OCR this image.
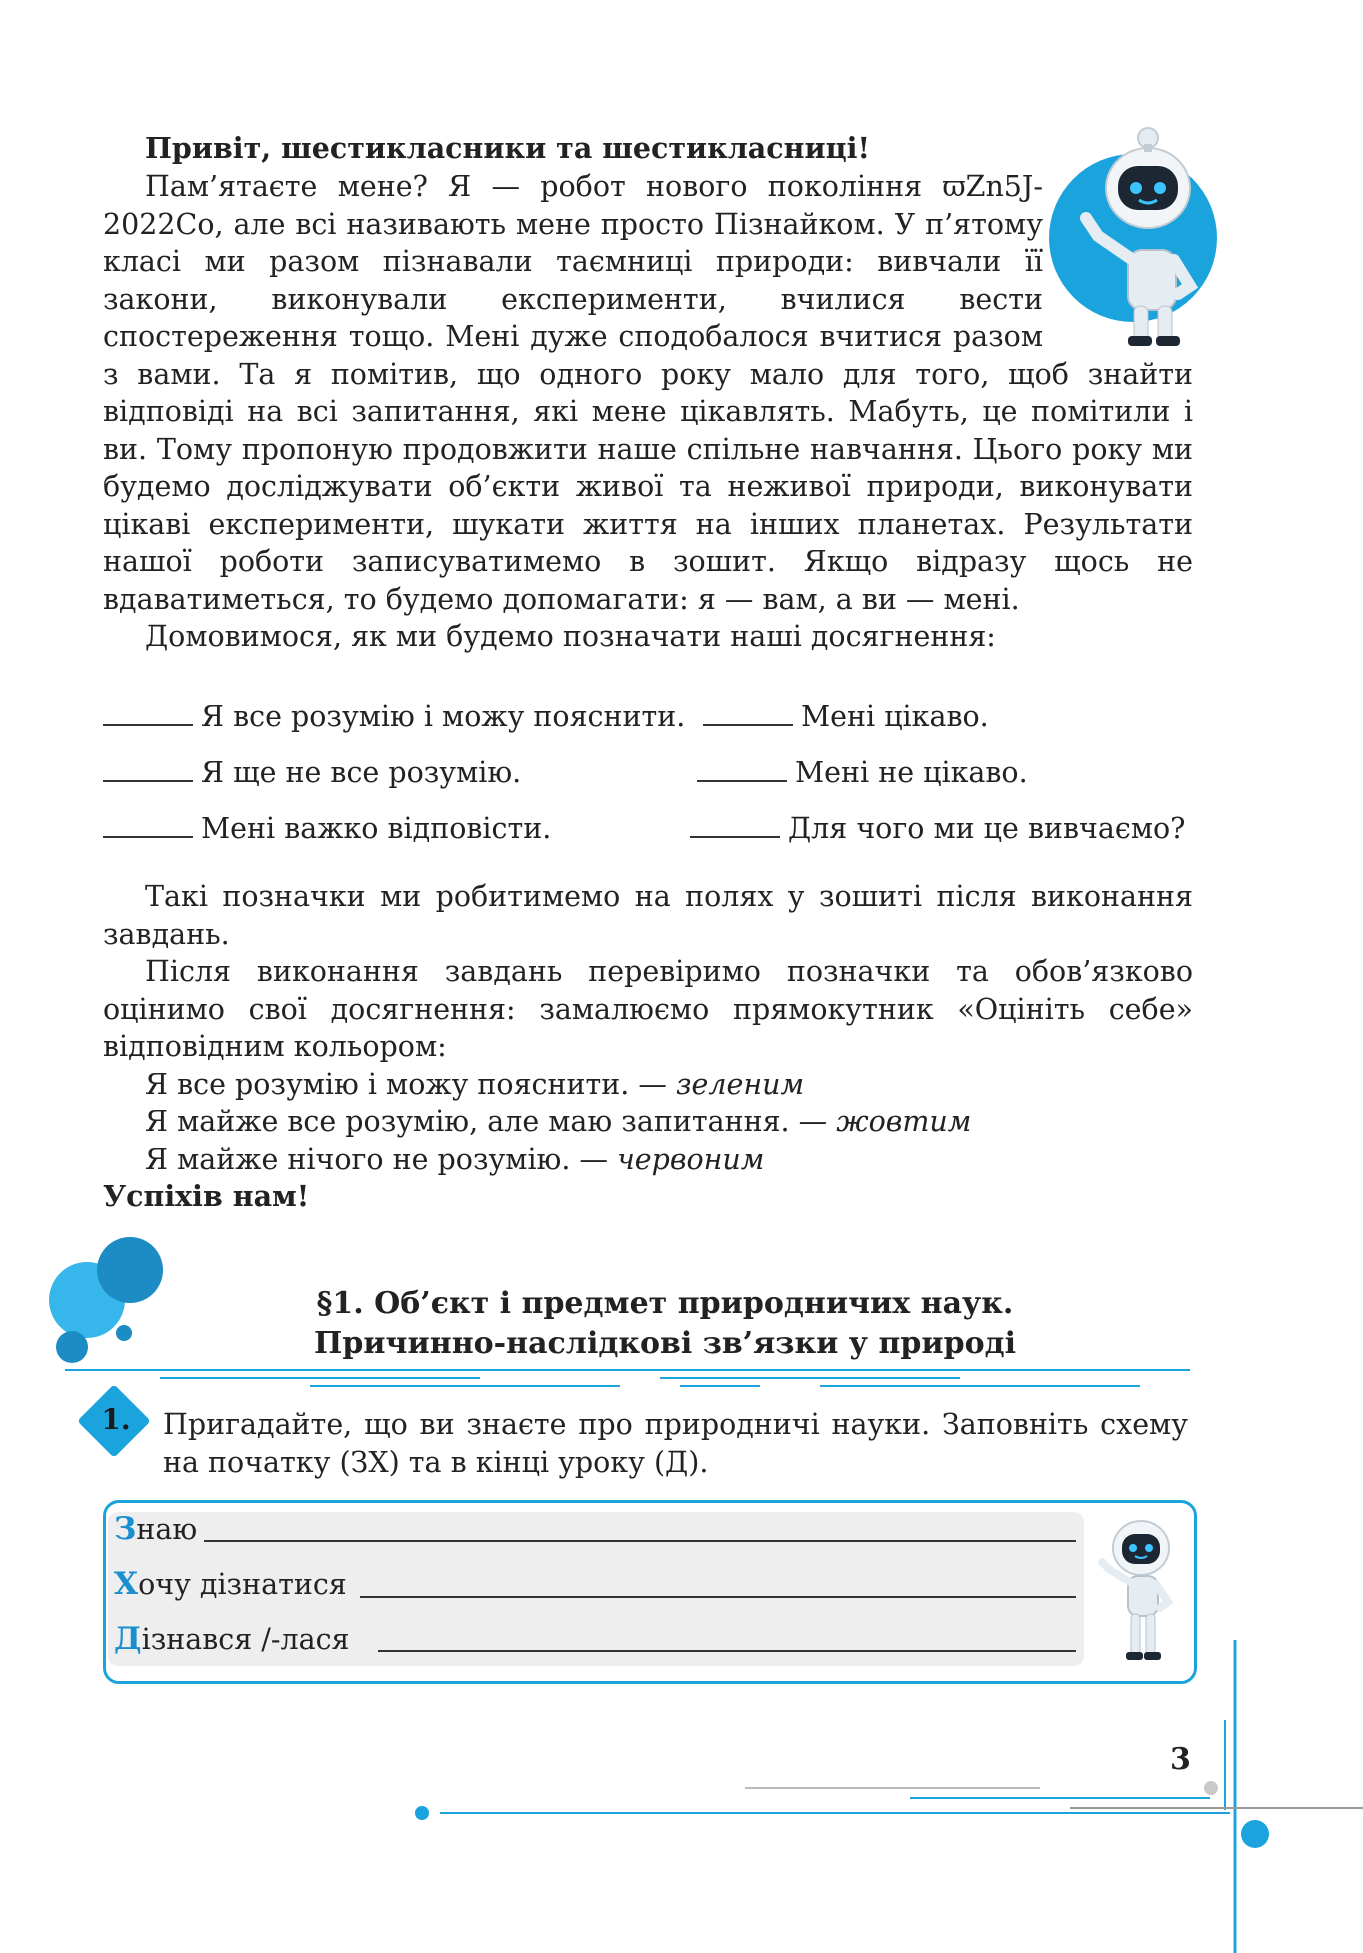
Привіт, шестикласники та шестикласниці!

Пам’ятаєте мене? Я — робот нового покоління ϖZn5J-2022Co, але всі називають мене просто Пізнайком. У п’ятому класі ми разом пізнавали таємниці природи: вивчали її закони, виконували експерименти, вчилися вести спостереження тощо. Мені дуже сподобалося вчитися разом з вами. Та я помітив, що одного року мало для того, щоб знайти відповіді на всі запитання, які мене цікавлять. Мабуть, це помітили і ви. Тому пропоную продовжити наше спільне навчання. Цього року ми будемо досліджувати об’єкти живої та неживої природи, виконувати цікаві експерименти, шукати життя на інших планетах. Результати нашої роботи записуватимемо в зошит. Якщо відразу щось не вдаватиметься, то будемо допомагати: я — вам, а ви — мені.

Домовимося, як ми будемо позначати наші досягнення:

Я все розумію і можу пояснити.	Мені цікаво.
Я ще не все розумію.	Мені не цікаво.
Мені важко відповісти.	Для чого ми це вивчаємо?

Такі позначки ми робитимемо на полях у зошиті після виконання завдань.

Після виконання завдань перевіримо позначки та обов’язково оцінимо свої досягнення: замалюємо прямокутник «Оцініть себе» відповідним кольором:

Я все розумію і можу пояснити. — зеленим

Я майже все розумію, але маю запитання. — жовтим

Я майже нічого не розумію. — червоним

Успіхів нам!

§1. Об’єкт і предмет природничих наук.
Причинно-наслідкові зв’язки у природі
1. Пригадайте, що ви знаєте про природничі науки. Заповніть схему на початку (ЗХ) та в кінці уроку (Д).

Знаю
Хочу дізнатися
Дізнався /-лася
3
